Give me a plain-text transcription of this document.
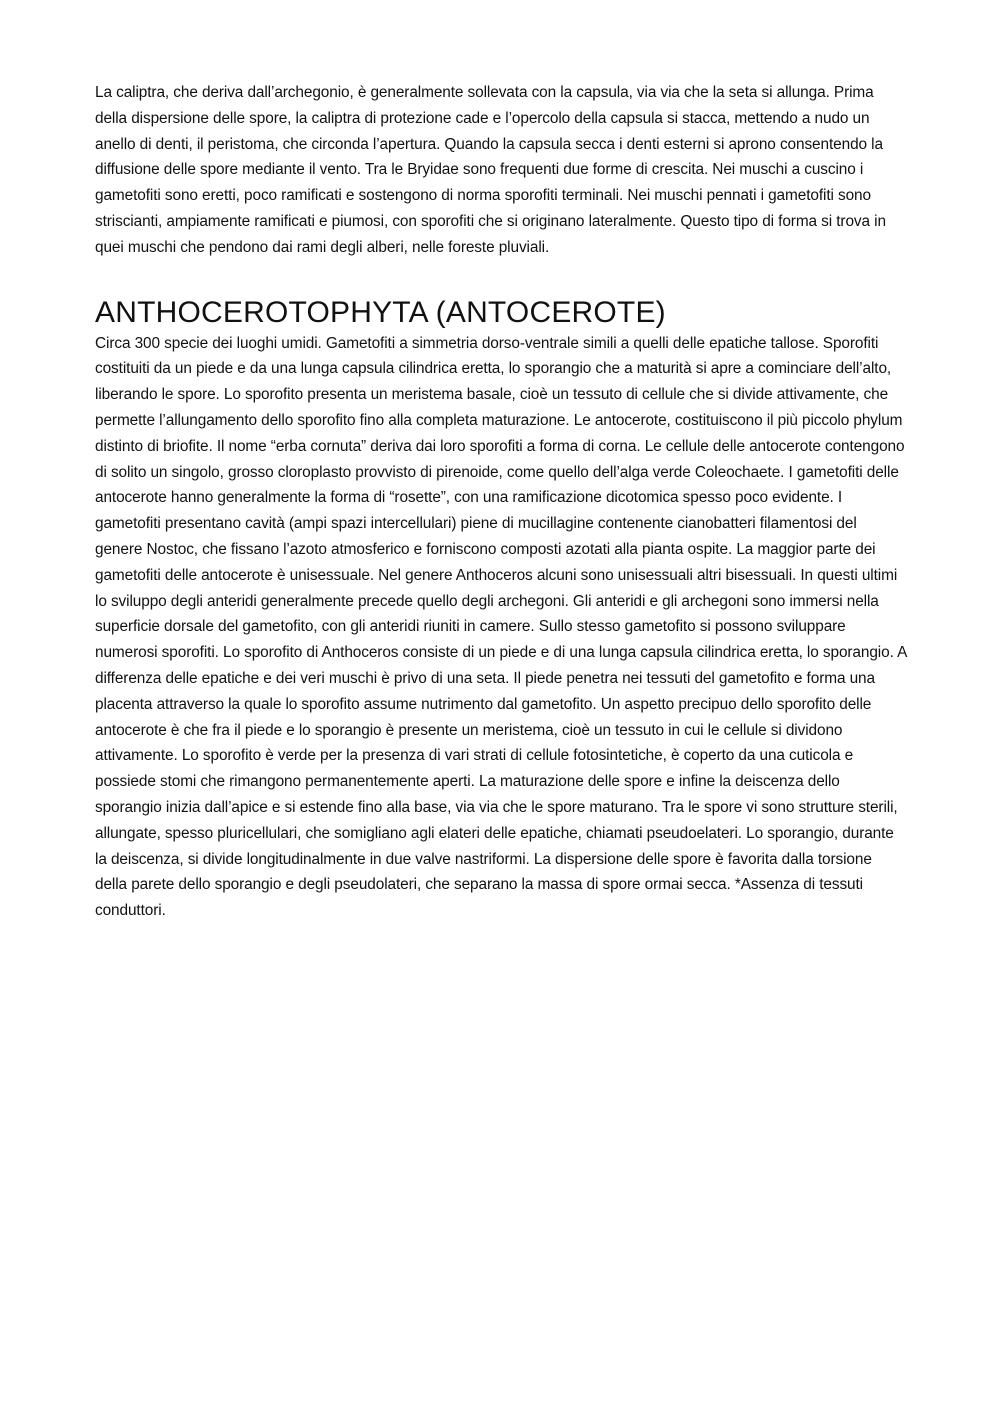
La caliptra, che deriva dall’archegonio, è generalmente sollevata con la capsula, via via che la seta si allunga. Prima della dispersione delle spore, la caliptra di protezione cade e l’opercolo della capsula si stacca, mettendo a nudo un anello di denti, il peristoma, che circonda l’apertura. Quando la capsula secca i denti esterni si aprono consentendo la diffusione delle spore mediante il vento. Tra le Bryidae sono frequenti due forme di crescita. Nei muschi a cuscino i gametofiti sono eretti, poco ramificati e sostengono di norma sporofiti terminali. Nei muschi pennati i gametofiti sono striscianti, ampiamente ramificati e piumosi, con sporofiti che si originano lateralmente. Questo tipo di forma si trova in quei muschi che pendono dai rami degli alberi, nelle foreste pluviali.

ANTHOCEROTOPHYTA (ANTOCEROTE)

Circa 300 specie dei luoghi umidi. Gametofiti a simmetria dorso-ventrale simili a quelli delle epatiche tallose. Sporofiti costituiti da un piede e da una lunga capsula cilindrica eretta, lo sporangio che a maturità si apre a cominciare dell’alto, liberando le spore. Lo sporofito presenta un meristema basale, cioè un tessuto di cellule che si divide attivamente, che permette l’allungamento dello sporofito fino alla completa maturazione. Le antocerote, costituiscono il più piccolo phylum distinto di briofite. Il nome “erba cornuta” deriva dai loro sporofiti a forma di corna. Le cellule delle antocerote contengono di solito un singolo, grosso cloroplasto provvisto di pirenoide, come quello dell’alga verde Coleochaete. I gametofiti delle antocerote hanno generalmente la forma di “rosette”, con una ramificazione dicotomica spesso poco evidente. I gametofiti presentano cavità (ampi spazi intercellulari) piene di mucillagine contenente cianobatteri filamentosi del genere Nostoc, che fissano l’azoto atmosferico e forniscono composti azotati alla pianta ospite. La maggior parte dei gametofiti delle antocerote è unisessuale. Nel genere Anthoceros alcuni sono unisessuali altri bisessuali. In questi ultimi lo sviluppo degli anteridi generalmente precede quello degli archegoni. Gli anteridi e gli archegoni sono immersi nella superficie dorsale del gametofito, con gli anteridi riuniti in camere. Sullo stesso gametofito si possono sviluppare numerosi sporofiti. Lo sporofito di Anthoceros consiste di un piede e di una lunga capsula cilindrica eretta, lo sporangio. A differenza delle epatiche e dei veri muschi è privo di una seta. Il piede penetra nei tessuti del gametofito e forma una placenta attraverso la quale lo sporofito assume nutrimento dal gametofito. Un aspetto precipuo dello sporofito delle antocerote è che fra il piede e lo sporangio è presente un meristema, cioè un tessuto in cui le cellule si dividono attivamente. Lo sporofito è verde per la presenza di vari strati di cellule fotosintetiche, è coperto da una cuticola e possiede stomi che rimangono permanentemente aperti. La maturazione delle spore e infine la deiscenza dello sporangio inizia dall’apice e si estende fino alla base, via via che le spore maturano. Tra le spore vi sono strutture sterili, allungate, spesso pluricellulari, che somigliano agli elateri delle epatiche, chiamati pseudoelateri. Lo sporangio, durante la deiscenza, si divide longitudinalmente in due valve nastriformi. La dispersione delle spore è favorita dalla torsione della parete dello sporangio e degli pseudolateri, che separano la massa di spore ormai secca. *Assenza di tessuti conduttori.
